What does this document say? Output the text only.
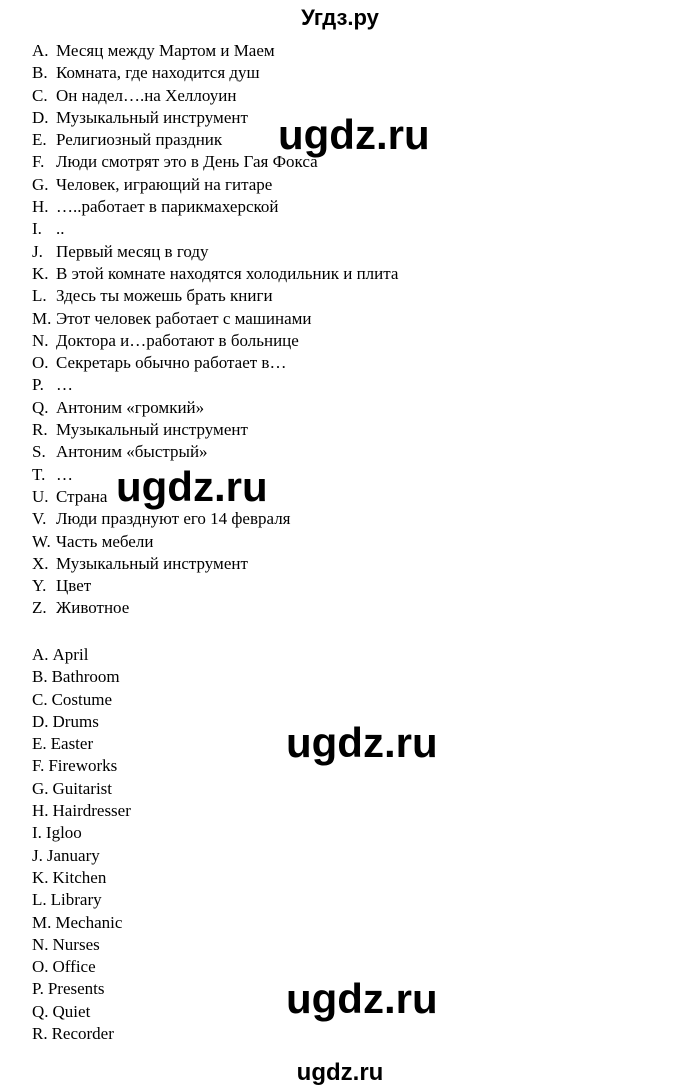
Угдз.ру
A. Месяц между Мартом и Маем
B. Комната, где находится душ
C. Он надел….на Хеллоуин
D. Музыкальный инструмент
E. Религиозный праздник
F. Люди смотрят это в День Гая Фокса
G. Человек, играющий на гитаре
H. …..работает в парикмахерской
I. ..
J. Первый месяц в году
K. В этой комнате находятся холодильник и плита
L. Здесь ты можешь брать книги
M. Этот человек работает с машинами
N. Доктора и…работают в больнице
O. Секретарь обычно работает в…
P. …
Q. Антоним «громкий»
R. Музыкальный инструмент
S. Антоним «быстрый»
T. …
U. Страна
V. Люди празднуют его 14 февраля
W. Часть мебели
X. Музыкальный инструмент
Y. Цвет
Z. Животное
A. April
B. Bathroom
C. Costume
D. Drums
E. Easter
F. Fireworks
G. Guitarist
H. Hairdresser
I. Igloo
J. January
K. Kitchen
L. Library
M. Mechanic
N. Nurses
O. Office
P. Presents
Q. Quiet
R. Recorder
ugdz.ru
ugdz.ru
ugdz.ru
ugdz.ru
ugdz.ru
